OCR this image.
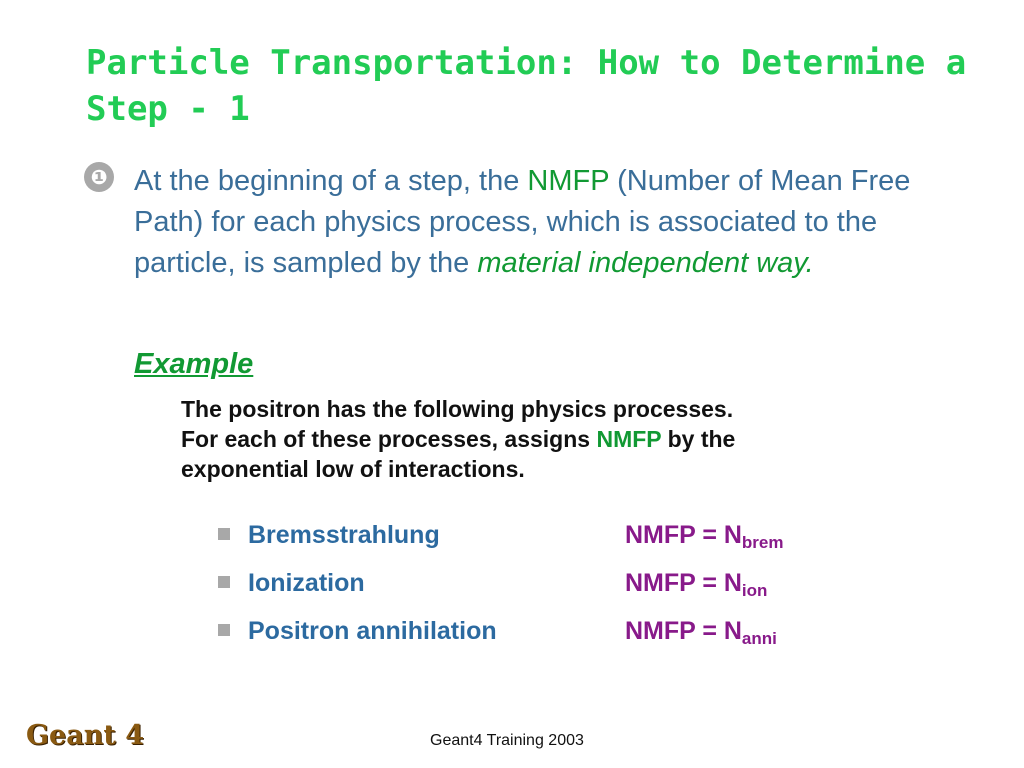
Particle Transportation: How to Determine a Step - 1
❶ At the beginning of a step, the NMFP (Number of Mean Free Path) for each physics process, which is associated to the particle, is sampled by the material independent way.

Example

The positron has the following physics processes.
For each of these processes, assigns NMFP by the
exponential low of interactions.

Bremsstrahlung	NMFP = $N_{brem}$
Ionization	NMFP = $N_{ion}$
Positron annihilation	NMFP = $N_{anni}$
Geant 4	Geant4 Training 2003
